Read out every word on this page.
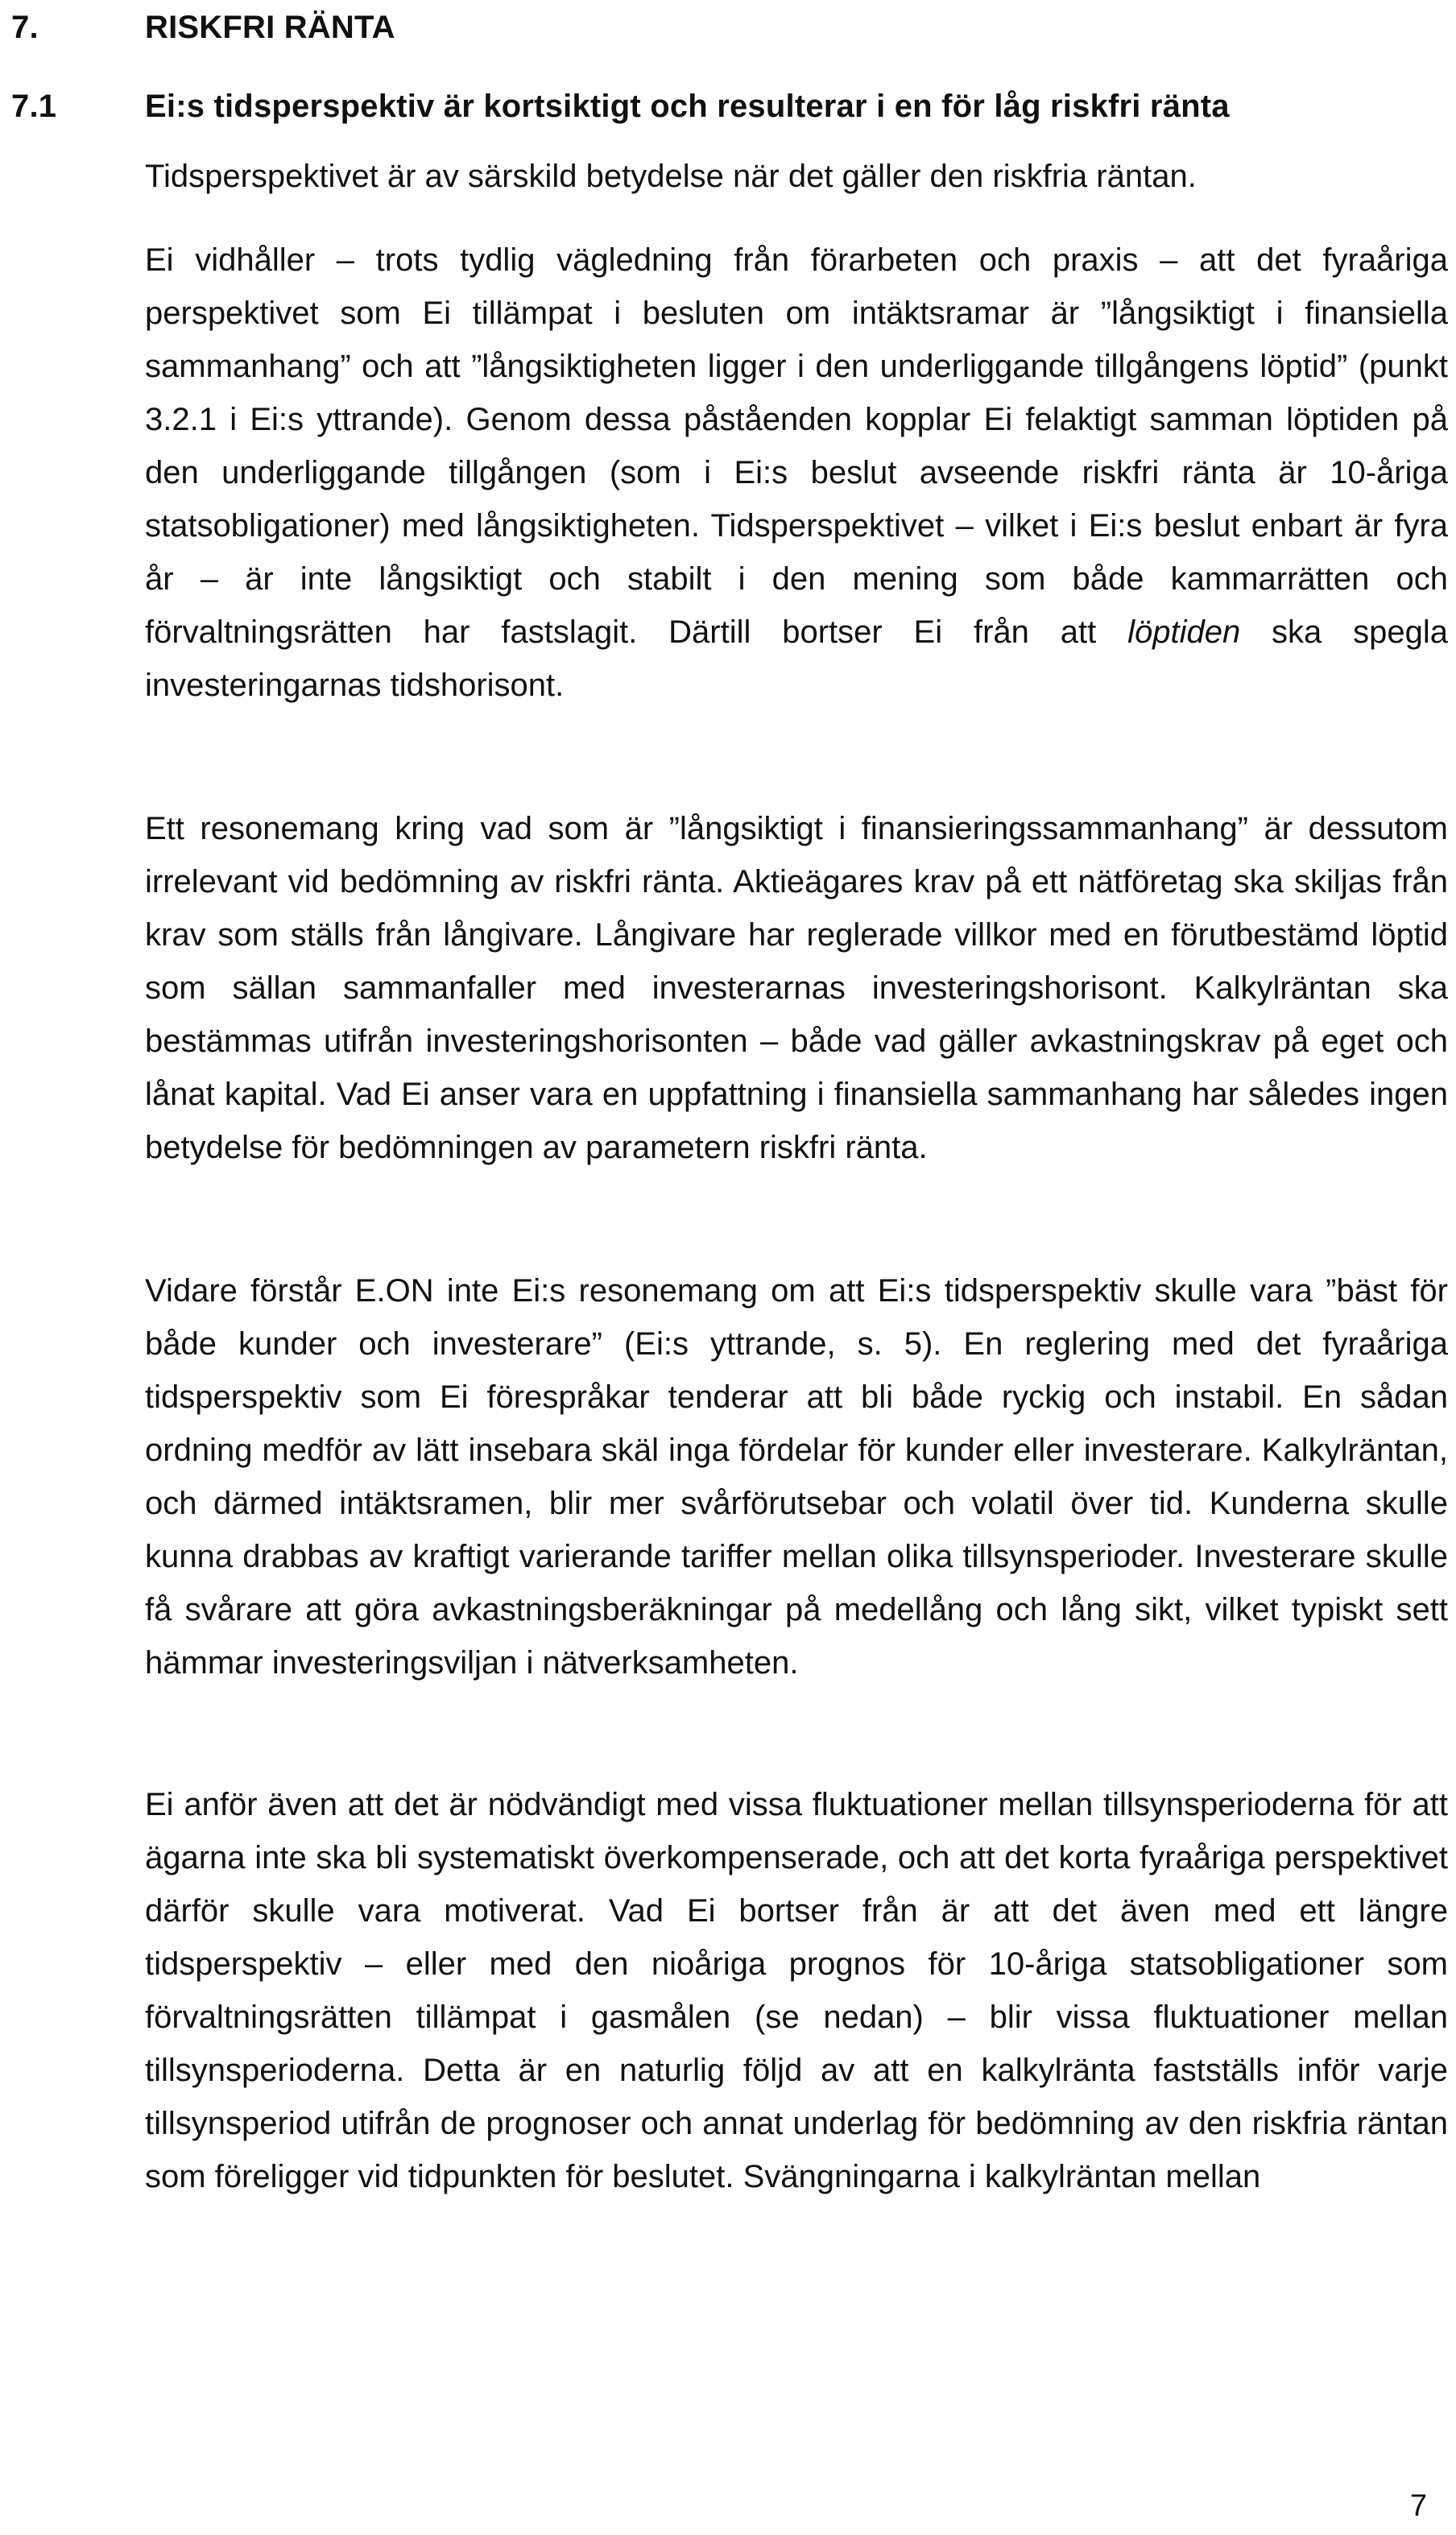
7.	RISKFRI RÄNTA
7.1	Ei:s tidsperspektiv är kortsiktigt och resulterar i en för låg riskfri ränta

Tidsperspektivet är av särskild betydelse när det gäller den riskfria räntan.

Ei vidhåller – trots tydlig vägledning från förarbeten och praxis – att det fyraåriga perspektivet som Ei tillämpat i besluten om intäktsramar är ”långsiktigt i finansiella sammanhang” och att ”långsiktigheten ligger i den underliggande tillgångens löptid” (punkt 3.2.1 i Ei:s yttrande). Genom dessa påståenden kopplar Ei felaktigt samman löptiden på den underliggande tillgången (som i Ei:s beslut avseende riskfri ränta är 10-åriga statsobligationer) med långsiktigheten. Tidsperspektivet – vilket i Ei:s beslut enbart är fyra år – är inte långsiktigt och stabilt i den mening som både kammarrätten och förvaltningsrätten har fastslagit. Därtill bortser Ei från att löptiden ska spegla investeringarnas tidshorisont.

Ett resonemang kring vad som är ”långsiktigt i finansieringssammanhang” är dessutom irrelevant vid bedömning av riskfri ränta. Aktieägares krav på ett nätföretag ska skiljas från krav som ställs från långivare. Långivare har reglerade villkor med en förutbestämd löptid som sällan sammanfaller med investerarnas investeringshorisont. Kalkylräntan ska bestämmas utifrån investeringshorisonten – både vad gäller avkastningskrav på eget och lånat kapital. Vad Ei anser vara en uppfattning i finansiella sammanhang har således ingen betydelse för bedömningen av parametern riskfri ränta.

Vidare förstår E.ON inte Ei:s resonemang om att Ei:s tidsperspektiv skulle vara ”bäst för både kunder och investerare” (Ei:s yttrande, s. 5). En reglering med det fyraåriga tidsperspektiv som Ei förespråkar tenderar att bli både ryckig och instabil. En sådan ordning medför av lätt insebara skäl inga fördelar för kunder eller investerare. Kalkylräntan, och därmed intäktsramen, blir mer svårförutsebar och volatil över tid. Kunderna skulle kunna drabbas av kraftigt varierande tariffer mellan olika tillsynsperioder. Investerare skulle få svårare att göra avkastningsberäkningar på medellång och lång sikt, vilket typiskt sett hämmar investeringsviljan i nätverksamheten.

Ei anför även att det är nödvändigt med vissa fluktuationer mellan tillsynsperioderna för att ägarna inte ska bli systematiskt överkompenserade, och att det korta fyraåriga perspektivet därför skulle vara motiverat. Vad Ei bortser från är att det även med ett längre tidsperspektiv – eller med den nioåriga prognos för 10-åriga statsobligationer som förvaltningsrätten tillämpat i gasmålen (se nedan) – blir vissa fluktuationer mellan tillsynsperioderna. Detta är en naturlig följd av att en kalkylränta fastställs inför varje tillsynsperiod utifrån de prognoser och annat underlag för bedömning av den riskfria räntan som föreligger vid tidpunkten för beslutet. Svängningarna i kalkylräntan mellan

7
